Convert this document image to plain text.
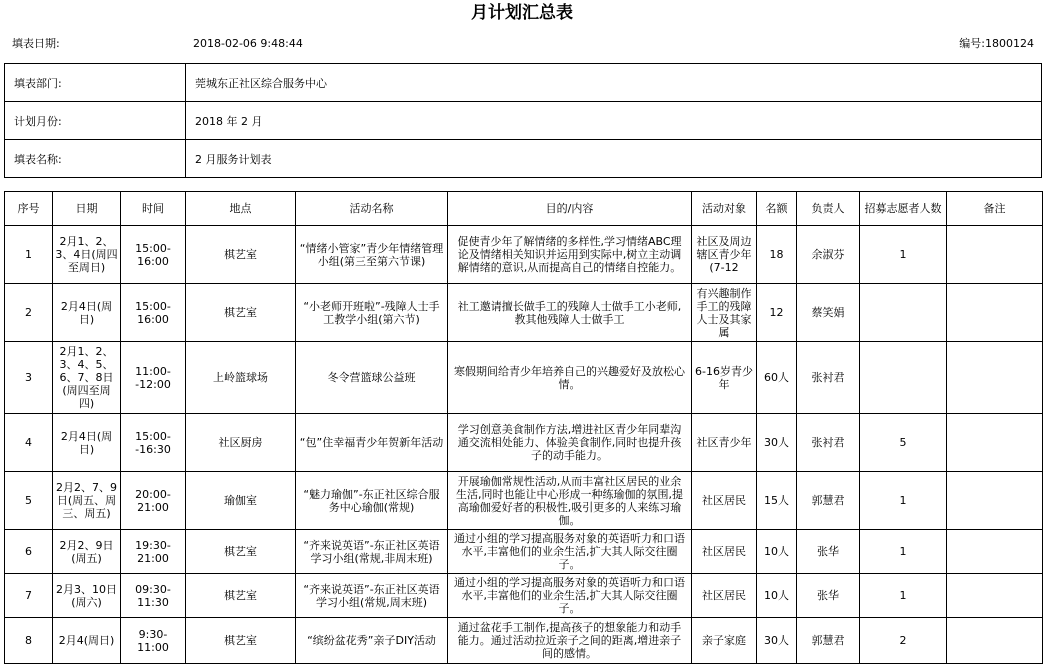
月计划汇总表
填表日期:	2018-02-06 9:48:44	编号:1800124
填表部门:	莞城东正社区综合服务中心
计划月份:	2018 年 2 月
填表名称:	2 月服务计划表
序号	日期	时间	地点	活动名称	目的/内容	活动对象	名额	负责人	招募志愿者人数	备注
1	2月1、2、3、4日(周四至周日)	15:00-16:00	棋艺室	“情绪小管家”青少年情绪管理小组(第三至第六节课)	促使青少年了解情绪的多样性,学习情绪ABC理论及情绪相关知识并运用到实际中,树立主动调解情绪的意识,从而提高自己的情绪自控能力。	社区及周边辖区青少年(7-12	18	余淑芬	1	
2	2月4日(周日)	15:00-16:00	棋艺室	“小老师开班啦”-残障人士手工教学小组(第六节)	社工邀请擅长做手工的残障人士做手工小老师,教其他残障人士做手工	有兴趣制作手工的残障人士及其家属	12	蔡笑娟		
3	2月1、2、3、4、5、6、7、8日(周四至周四)	11:00--12:00	上岭篮球场	冬令营篮球公益班	寒假期间给青少年培养自己的兴趣爱好及放松心情。	6-16岁青少年	60人	张衬君		
4	2月4日(周日)	15:00--16:30	社区厨房	“包”住幸福青少年贺新年活动	学习创意美食制作方法,增进社区青少年同辈沟通交流相处能力、体验美食制作,同时也提升孩子的动手能力。	社区青少年	30人	张衬君	5	
5	2月2、7、9日(周五、周三、周五)	20:00-21:00	瑜伽室	“魅力瑜伽”-东正社区综合服务中心瑜伽(常规)	开展瑜伽常规性活动,从而丰富社区居民的业余生活,同时也能让中心形成一种练瑜伽的氛围,提高瑜伽爱好者的积极性,吸引更多的人来练习瑜伽。	社区居民	15人	郭慧君	1	
6	2月2、9日(周五)	19:30-21:00	棋艺室	“齐来说英语”-东正社区英语学习小组(常规,非周末班)	通过小组的学习提高服务对象的英语听力和口语水平,丰富他们的业余生活,扩大其人际交往圈子。	社区居民	10人	张华	1	
7	2月3、10日(周六)	09:30-11:30	棋艺室	“齐来说英语”-东正社区英语学习小组(常规,周末班)	通过小组的学习提高服务对象的英语听力和口语水平,丰富他们的业余生活,扩大其人际交往圈子。	社区居民	10人	张华	1	
8	2月4(周日)	9:30-11:00	棋艺室	“缤纷盆花秀”亲子DIY活动	通过盆花手工制作,提高孩子的想象能力和动手能力。通过活动拉近亲子之间的距离,增进亲子间的感情。	亲子家庭	30人	郭慧君	2	
